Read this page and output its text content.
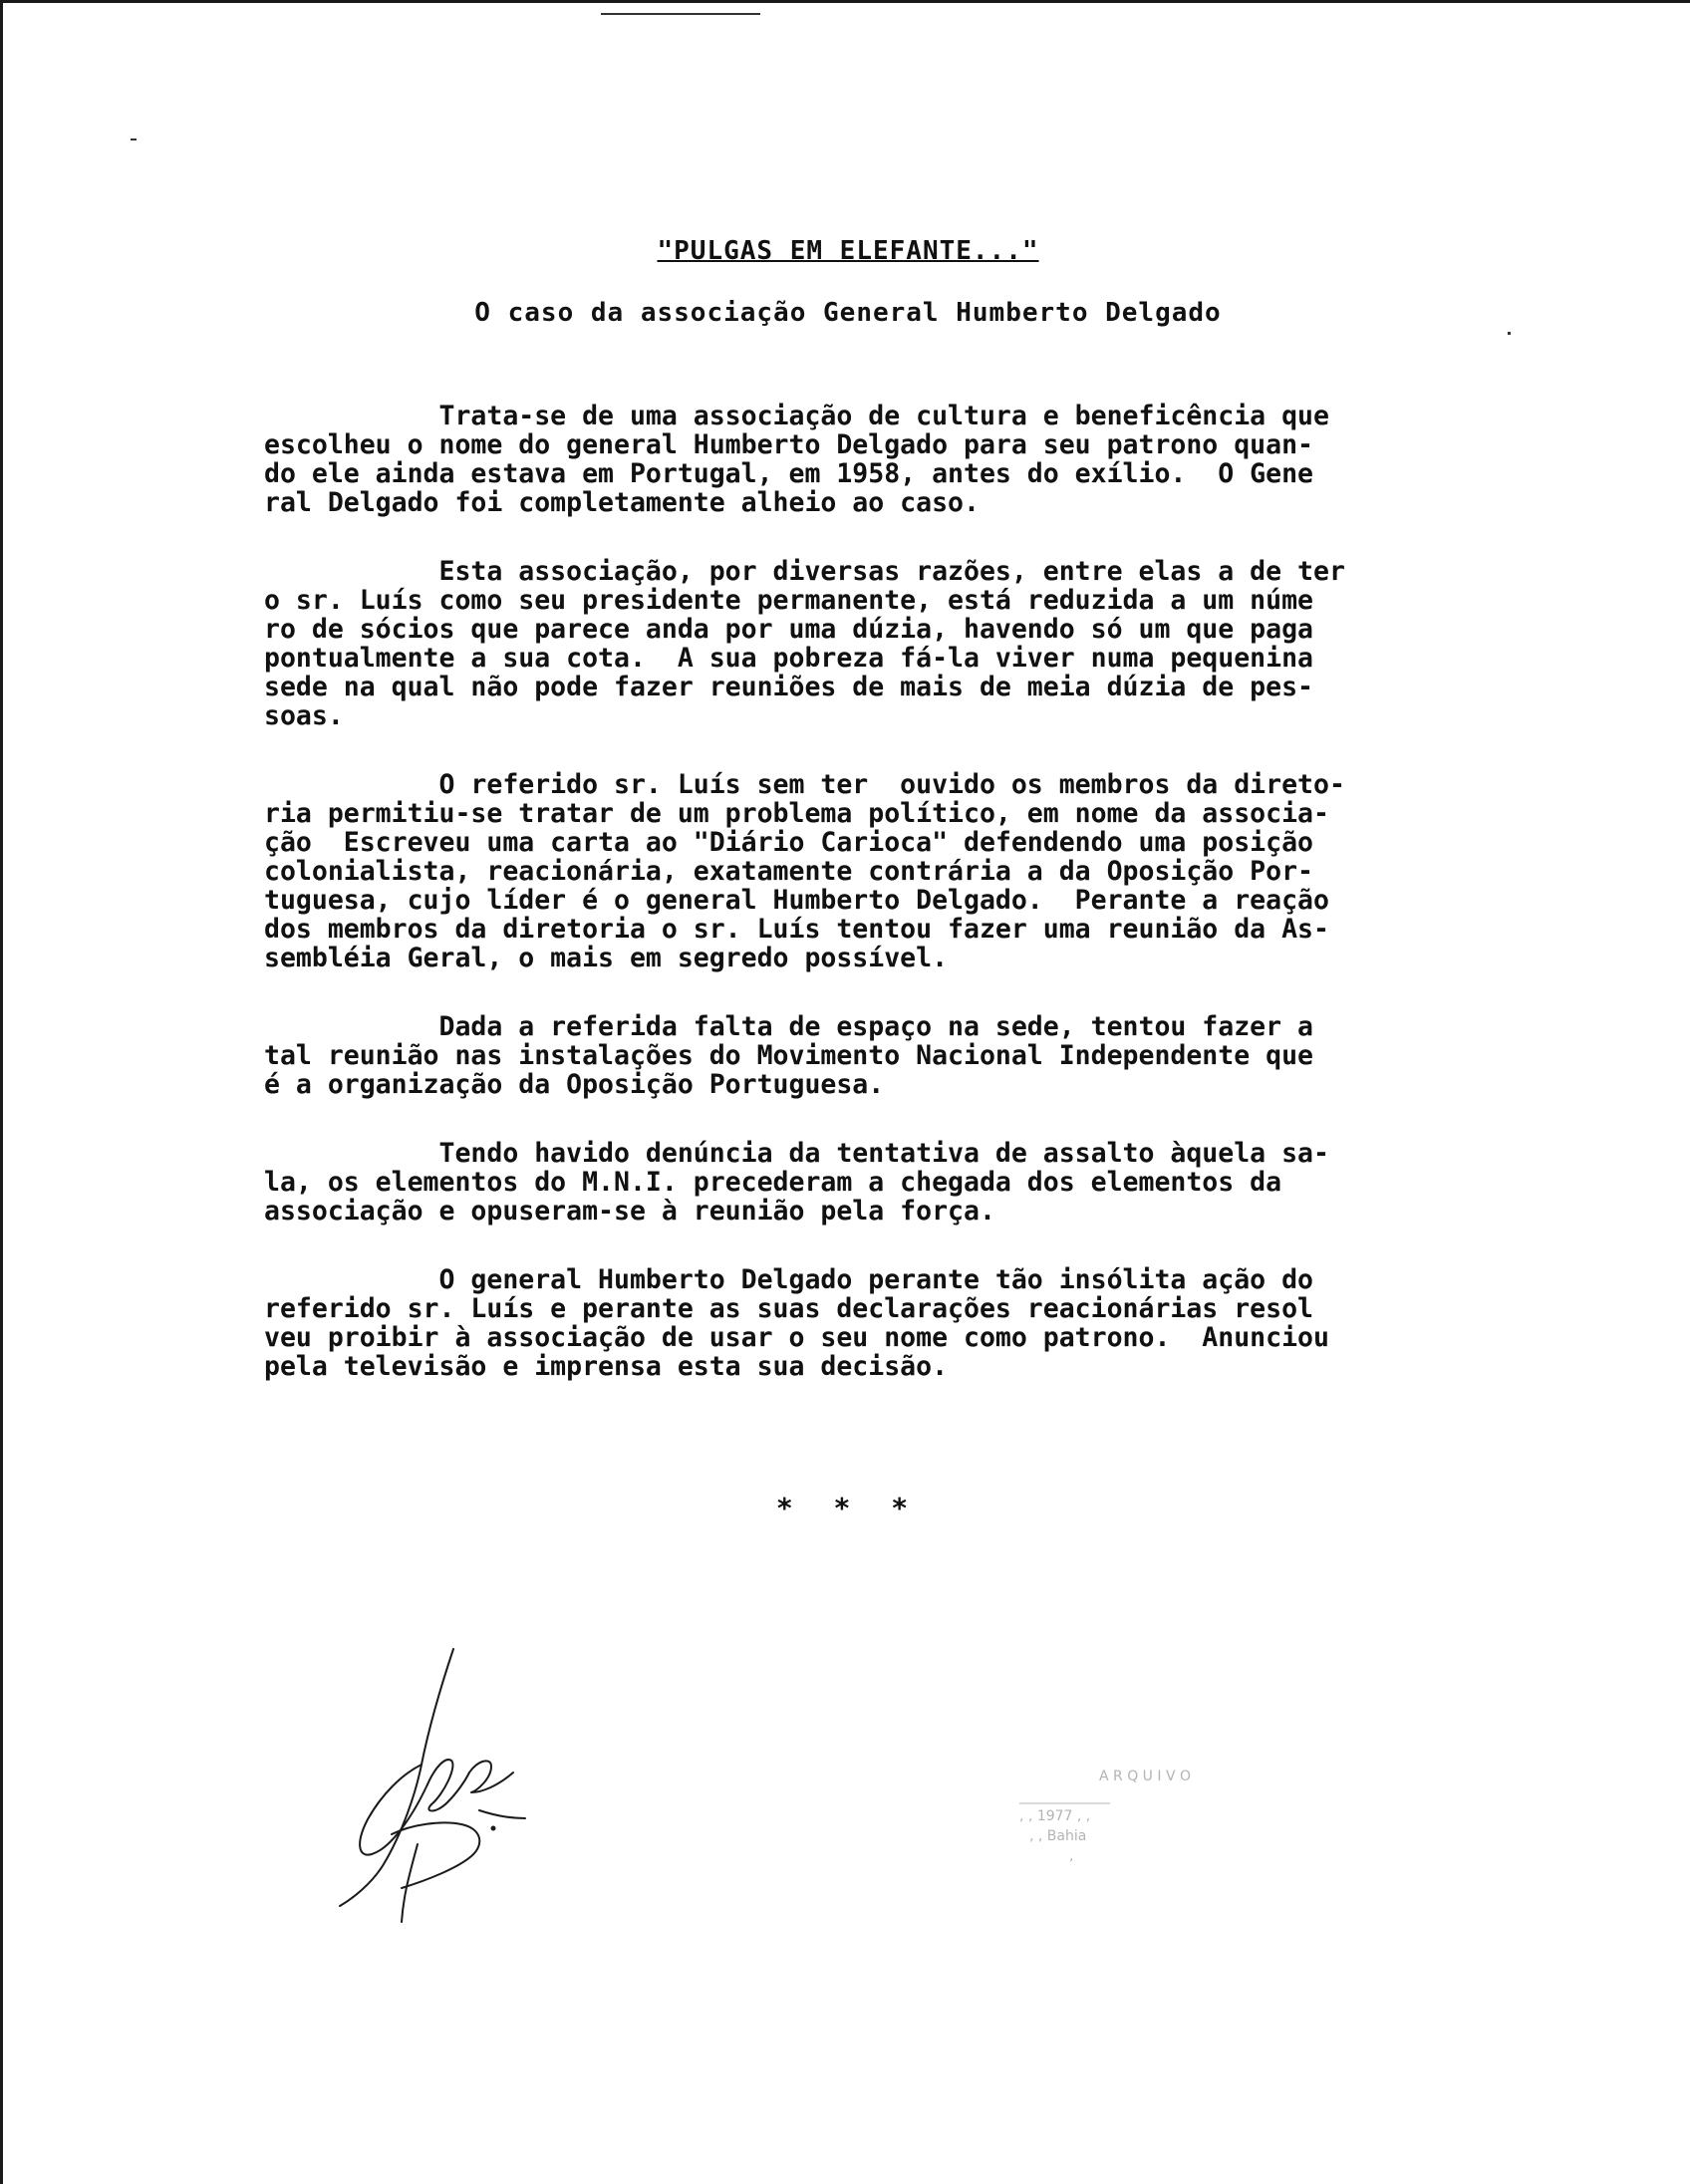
"PULGAS EM ELEFANTE..."
O caso da associação General Humberto Delgado

Trata-se de uma associação de cultura e beneficência que
escolheu o nome do general Humberto Delgado para seu patrono quan-
do ele ainda estava em Portugal, em 1958, antes do exílio.  O Gene
ral Delgado foi completamente alheio ao caso.

Esta associação, por diversas razões, entre elas a de ter
o sr. Luís como seu presidente permanente, está reduzida a um núme
ro de sócios que parece anda por uma dúzia, havendo só um que paga
pontualmente a sua cota.  A sua pobreza fá-la viver numa pequenina
sede na qual não pode fazer reuniões de mais de meia dúzia de pes-
soas.

O referido sr. Luís sem ter  ouvido os membros da direto-
ria permitiu-se tratar de um problema político, em nome da associa-
ção  Escreveu uma carta ao "Diário Carioca" defendendo uma posição
colonialista, reacionária, exatamente contrária a da Oposição Por-
tuguesa, cujo líder é o general Humberto Delgado.  Perante a reação
dos membros da diretoria o sr. Luís tentou fazer uma reunião da As-
sembléia Geral, o mais em segredo possível.

Dada a referida falta de espaço na sede, tentou fazer a
tal reunião nas instalações do Movimento Nacional Independente que
é a organização da Oposição Portuguesa.

Tendo havido denúncia da tentativa de assalto àquela sa-
la, os elementos do M.N.I. precederam a chegada dos elementos da
associação e opuseram-se à reunião pela força.

O general Humberto Delgado perante tão insólita ação do
referido sr. Luís e perante as suas declarações reacionárias resol
veu proibir à associação de usar o seu nome como patrono.  Anunciou
pela televisão e imprensa esta sua decisão.

* * *
A R Q U I V O
_____________
, , 1977 , ,
, , Bahia
,
